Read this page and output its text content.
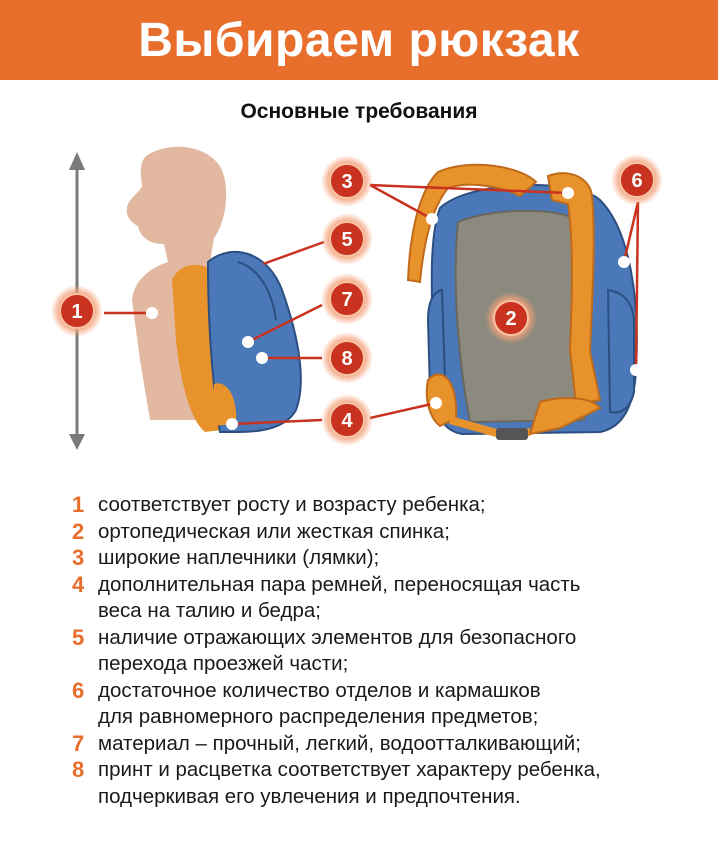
Выбираем рюкзак
Основные требования
1	2
3
4
5
6
7
8
1 соответствует росту и возрасту ребенка;
2 ортопедическая или жесткая спинка;
3 широкие наплечники (лямки);
4 дополнительная пара ремней, переносящая часть
веса на талию и бедра;
5 наличие отражающих элементов для безопасного
перехода проезжей части;
6 достаточное количество отделов и кармашков
для равномерного распределения предметов;
7 материал – прочный, легкий, водоотталкивающий;
8 принт и расцветка соответствует характеру ребенка,
подчеркивая его увлечения и предпочтения.
